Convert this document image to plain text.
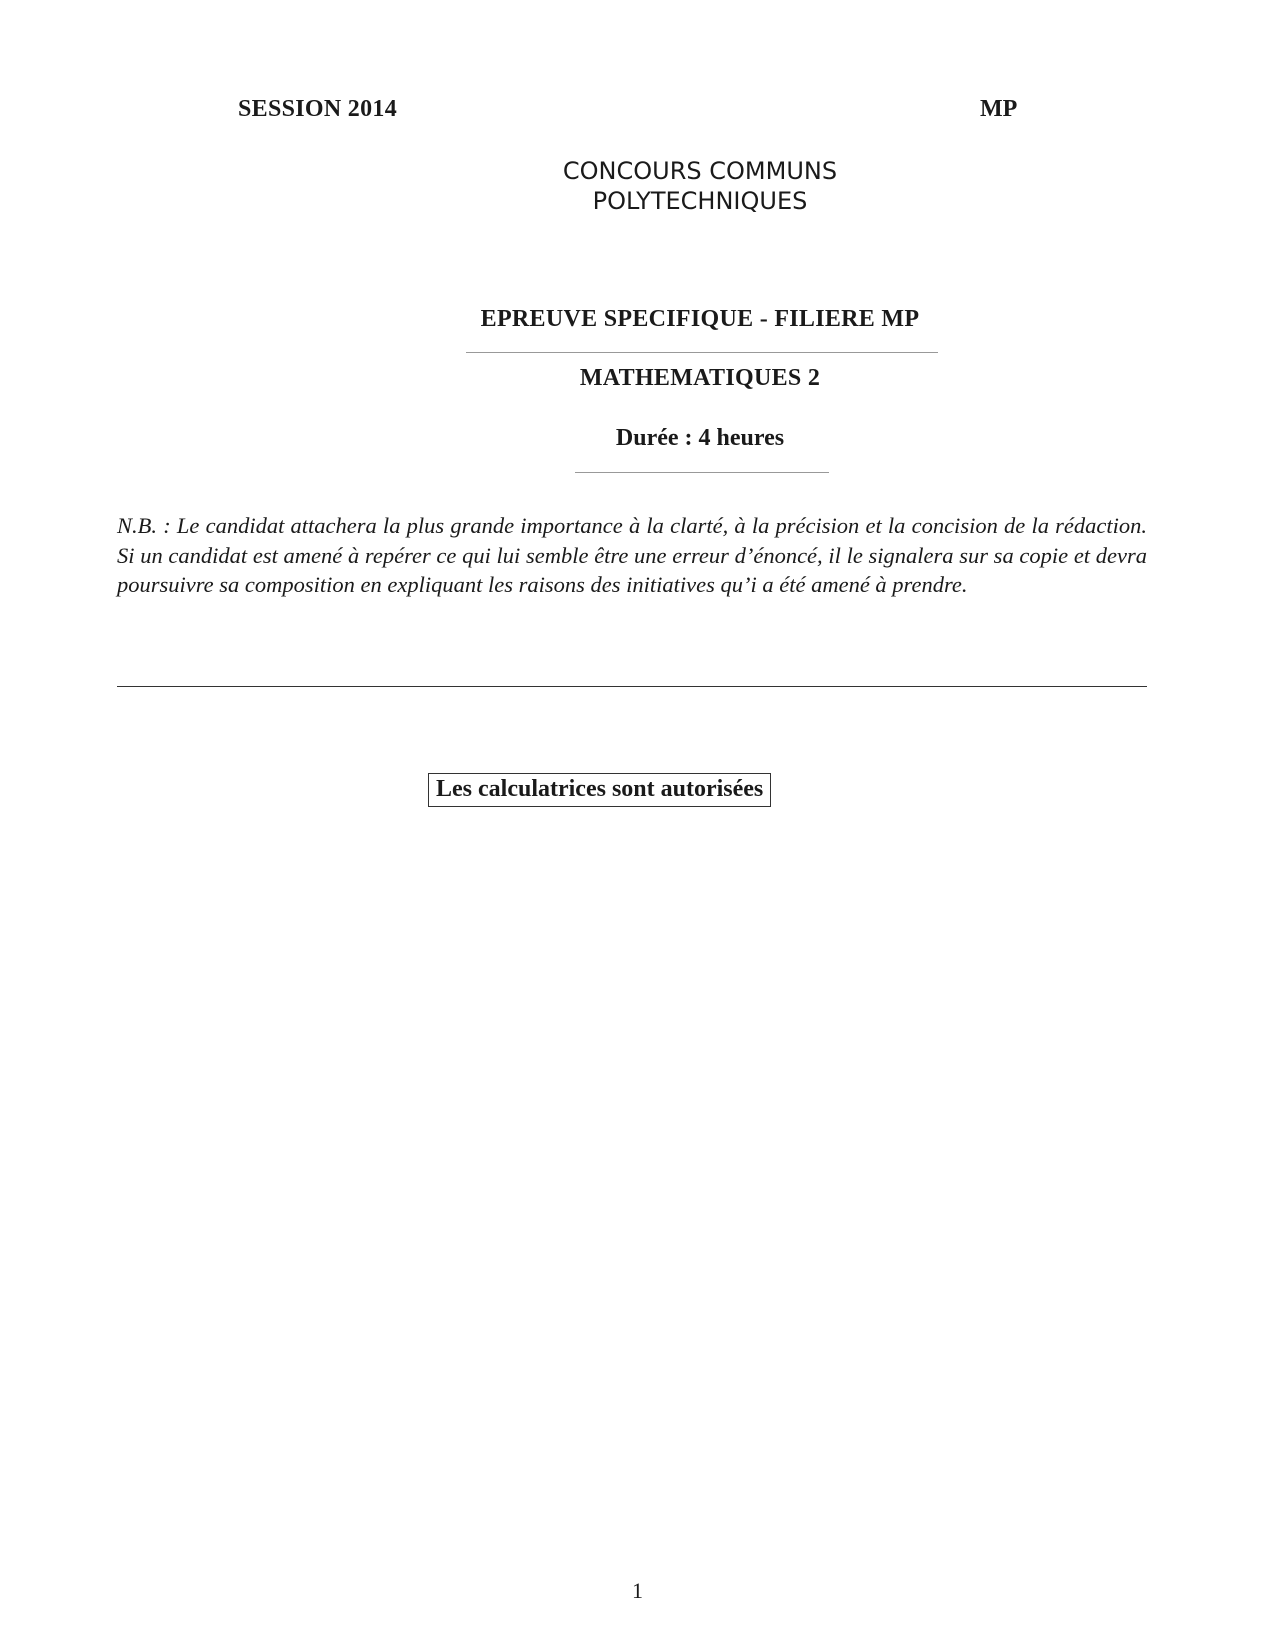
SESSION 2014	MP
CONCOURS COMMUNS
POLYTECHNIQUES
EPREUVE SPECIFIQUE - FILIERE MP
MATHEMATIQUES 2
Durée : 4 heures
N.B. : Le candidat attachera la plus grande importance à la clarté, à la précision et la concision de la rédaction. Si un candidat est amené à repérer ce qui lui semble être une erreur d’énoncé, il le signalera sur sa copie et devra poursuivre sa composition en expliquant les raisons des initiatives qu’i a été amené à prendre.
Les calculatrices sont autorisées
1
